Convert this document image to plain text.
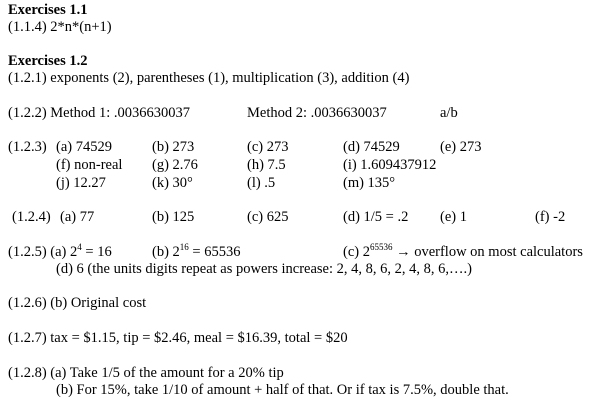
Exercises 1.1
(1.1.4) 2*n*(n+1)
Exercises 1.2
(1.2.1) exponents (2), parentheses (1), multiplication (3), addition (4)
(1.2.2) Method 1: .0036630037	Method 2: .0036630037	a/b
(1.2.3) (a) 74529	(b) 273	(c) 273	(d) 74529	(e) 273
(f) non-real (g) 2.76	(h) 7.5	(i) 1.609437912
(j) 12.27	(k) 30°	(l) .5	(m) 135°
(1.2.4) (a) 77	(b) 125	(c) 625	(d) 1/5 = .2 (e) 1	(f) -2
(1.2.5) (a) $2^4 = 16$	(b) $2^{16} = 65536$	(c) $2^{65536}$ → overflow on most calculators
(d) 6 (the units digits repeat as powers increase: 2, 4, 8, 6, 2, 4, 8, 6,….)
(1.2.6) (b) Original cost
(1.2.7) tax = $1.15, tip = $2.46, meal = $16.39, total = $20
(1.2.8) (a) Take 1/5 of the amount for a 20% tip
(b) For 15%, take 1/10 of amount + half of that. Or if tax is 7.5%, double that.
